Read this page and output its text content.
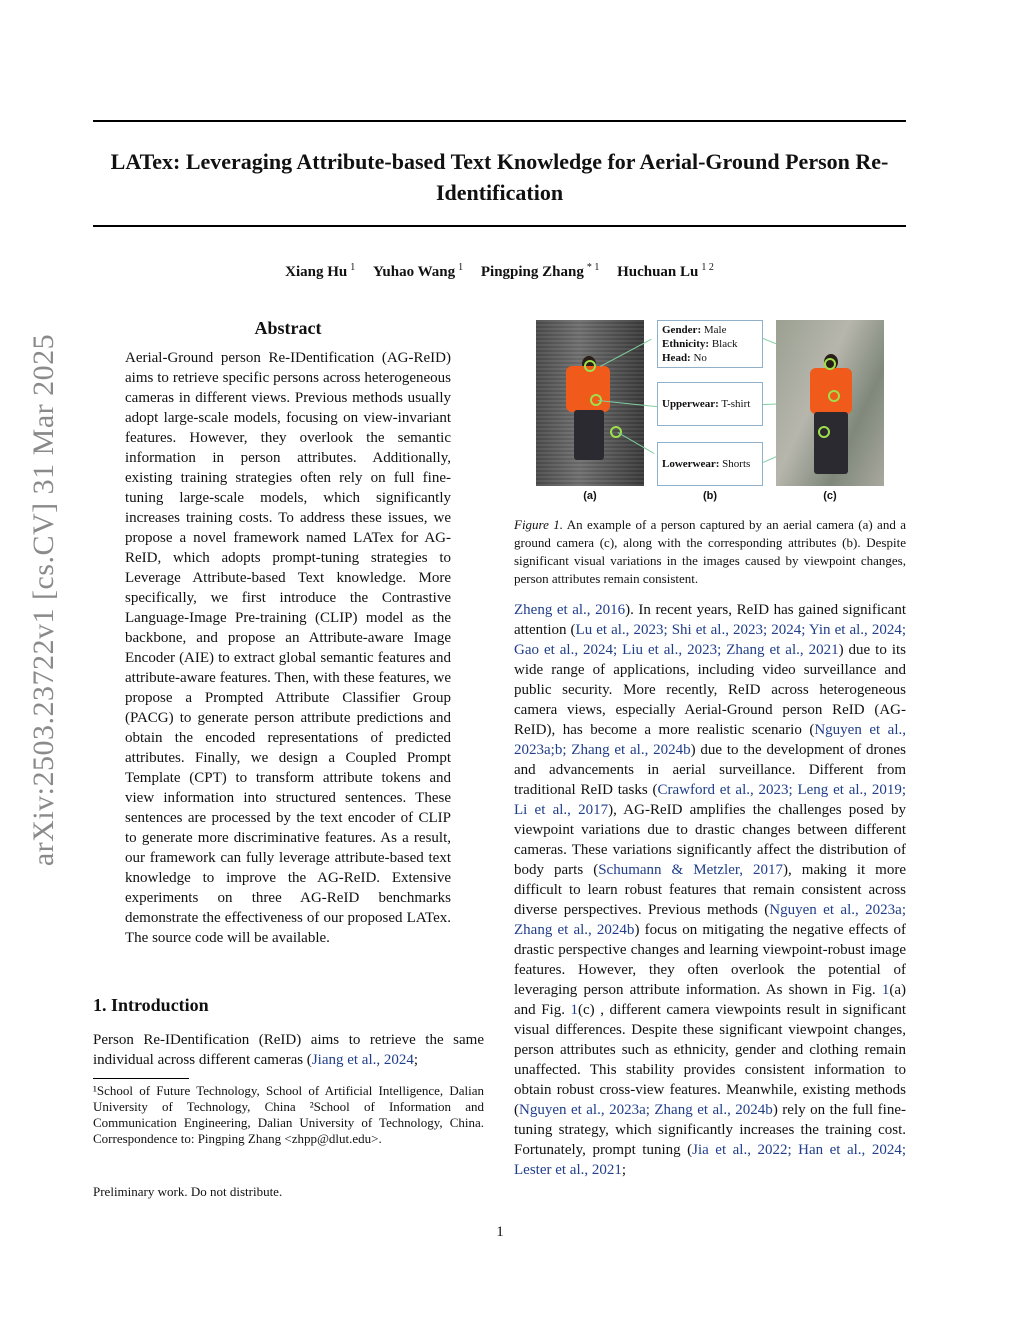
LATex: Leveraging Attribute-based Text Knowledge for Aerial-Ground Person Re-Identification
Xiang Hu $^1$ Yuhao Wang $^1$ Pingping Zhang $^{* 1}$ Huchuan Lu $^{1 2}$
arXiv:2503.23722v1 [cs.CV] 31 Mar 2025
Abstract
Aerial-Ground person Re-IDentification (AG-ReID) aims to retrieve specific persons across heterogeneous cameras in different views. Previous methods usually adopt large-scale models, focusing on view-invariant features. However, they overlook the semantic information in person attributes. Additionally, existing training strategies often rely on full fine-tuning large-scale models, which significantly increases training costs. To address these issues, we propose a novel framework named LATex for AG-ReID, which adopts prompt-tuning strategies to Leverage Attribute-based Text knowledge. More specifically, we first introduce the Contrastive Language-Image Pre-training (CLIP) model as the backbone, and propose an Attribute-aware Image Encoder (AIE) to extract global semantic features and attribute-aware features. Then, with these features, we propose a Prompted Attribute Classifier Group (PACG) to generate person attribute predictions and obtain the encoded representations of predicted attributes. Finally, we design a Coupled Prompt Template (CPT) to transform attribute tokens and view information into structured sentences. These sentences are processed by the text encoder of CLIP to generate more discriminative features. As a result, our framework can fully leverage attribute-based text knowledge to improve the AG-ReID. Extensive experiments on three AG-ReID benchmarks demonstrate the effectiveness of our proposed LATex. The source code will be available.
1. Introduction
Person Re-IDentification (ReID) aims to retrieve the same individual across different cameras (Jiang et al., 2024;
¹School of Future Technology, School of Artificial Intelligence, Dalian University of Technology, China ²School of Information and Communication Engineering, Dalian University of Technology, China. Correspondence to: Pingping Zhang <zhpp@dlut.edu>.
Preliminary work. Do not distribute.
Gender: Male
Ethnicity: Black
Head: No
Upperwear: T-shirt
Lowerwear: Shorts
(a)	(b)	(c)
Figure 1. An example of a person captured by an aerial camera (a) and a ground camera (c), along with the corresponding attributes (b). Despite significant visual variations in the images caused by viewpoint changes, person attributes remain consistent.
Zheng et al., 2016). In recent years, ReID has gained significant attention (Lu et al., 2023; Shi et al., 2023; 2024; Yin et al., 2024; Gao et al., 2024; Liu et al., 2023; Zhang et al., 2021) due to its wide range of applications, including video surveillance and public security. More recently, ReID across heterogeneous camera views, especially Aerial-Ground person ReID (AG-ReID), has become a more realistic scenario (Nguyen et al., 2023a;b; Zhang et al., 2024b) due to the development of drones and advancements in aerial surveillance. Different from traditional ReID tasks (Crawford et al., 2023; Leng et al., 2019; Li et al., 2017), AG-ReID amplifies the challenges posed by viewpoint variations due to drastic changes between different cameras. These variations significantly affect the distribution of body parts (Schumann & Metzler, 2017), making it more difficult to learn robust features that remain consistent across diverse perspectives. Previous methods (Nguyen et al., 2023a; Zhang et al., 2024b) focus on mitigating the negative effects of drastic perspective changes and learning viewpoint-robust image features. However, they often overlook the potential of leveraging person attribute information. As shown in Fig. 1(a) and Fig. 1(c) , different camera viewpoints result in significant visual differences. Despite these significant viewpoint changes, person attributes such as ethnicity, gender and clothing remain unaffected. This stability provides consistent information to obtain robust cross-view features. Meanwhile, existing methods (Nguyen et al., 2023a; Zhang et al., 2024b) rely on the full fine-tuning strategy, which significantly increases the training cost. Fortunately, prompt tuning (Jia et al., 2022; Han et al., 2024; Lester et al., 2021;
1
